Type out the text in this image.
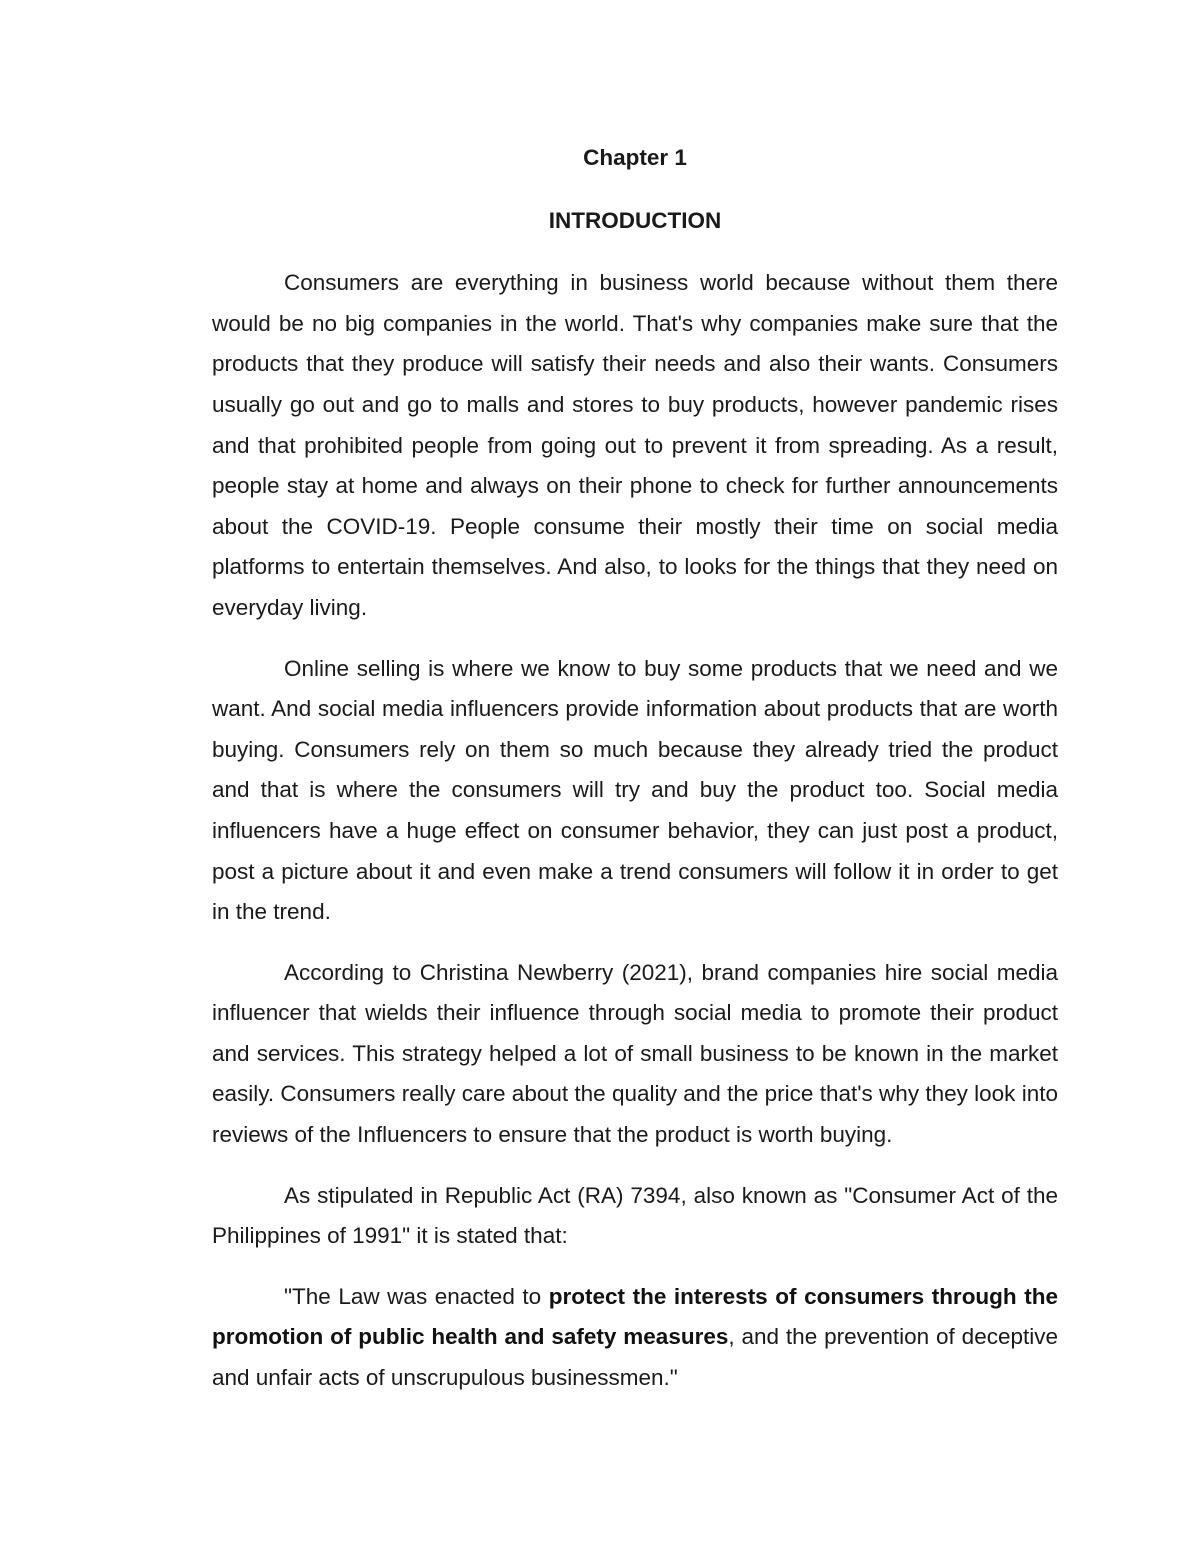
Chapter 1
INTRODUCTION

Consumers are everything in business world because without them there would be no big companies in the world. That's why companies make sure that the products that they produce will satisfy their needs and also their wants. Consumers usually go out and go to malls and stores to buy products, however pandemic rises and that prohibited people from going out to prevent it from spreading. As a result, people stay at home and always on their phone to check for further announcements about the COVID-19. People consume their mostly their time on social media platforms to entertain themselves. And also, to looks for the things that they need on everyday living.

Online selling is where we know to buy some products that we need and we want. And social media influencers provide information about products that are worth buying. Consumers rely on them so much because they already tried the product and that is where the consumers will try and buy the product too. Social media influencers have a huge effect on consumer behavior, they can just post a product, post a picture about it and even make a trend consumers will follow it in order to get in the trend.

According to Christina Newberry (2021), brand companies hire social media influencer that wields their influence through social media to promote their product and services. This strategy helped a lot of small business to be known in the market easily. Consumers really care about the quality and the price that's why they look into reviews of the Influencers to ensure that the product is worth buying.

As stipulated in Republic Act (RA) 7394, also known as "Consumer Act of the Philippines of 1991" it is stated that:

"The Law was enacted to protect the interests of consumers through the promotion of public health and safety measures, and the prevention of deceptive and unfair acts of unscrupulous businessmen."
